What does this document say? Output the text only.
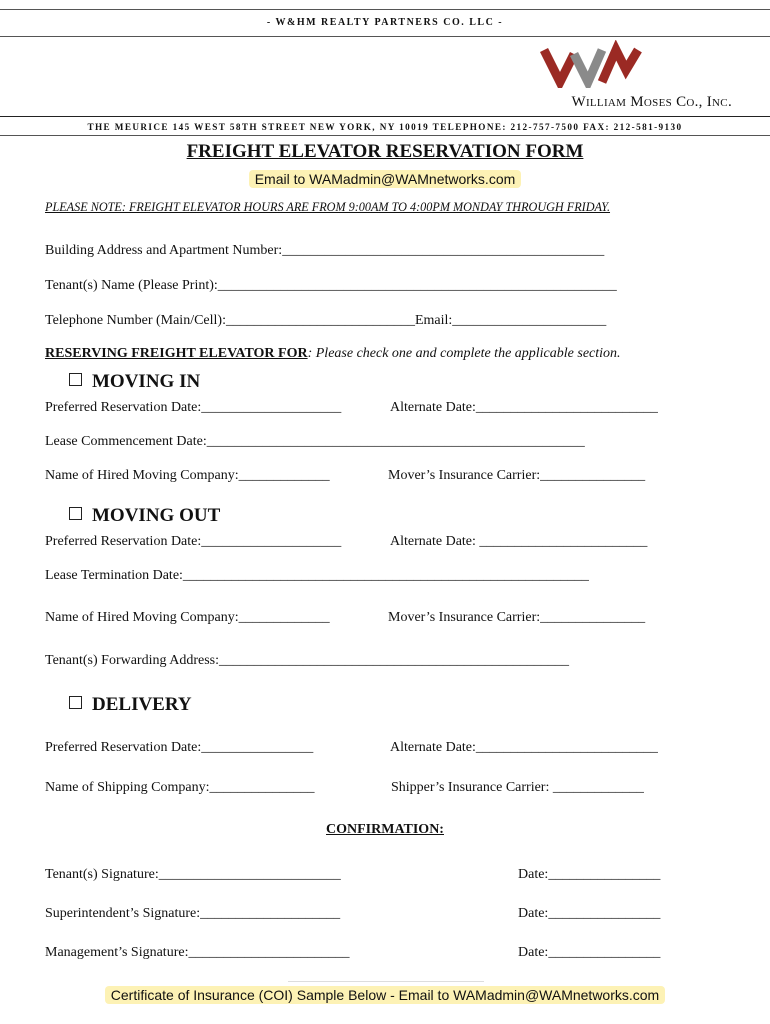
- W&HM REALTY PARTNERS CO. LLC -
William Moses Co., Inc.
THE MEURICE 145 WEST 58TH STREET NEW YORK, NY 10019 TELEPHONE: 212-757-7500 FAX: 212-581-9130
FREIGHT ELEVATOR RESERVATION FORM
Email to WAMadmin@WAMnetworks.com
PLEASE NOTE: FREIGHT ELEVATOR HOURS ARE FROM 9:00AM TO 4:00PM MONDAY THROUGH FRIDAY.
Building Address and Apartment Number:______________________________________________
Tenant(s) Name (Please Print):_________________________________________________________
Telephone Number (Main/Cell):___________________________Email:______________________
RESERVING FREIGHT ELEVATOR FOR: Please check one and complete the applicable section.
MOVING IN
Preferred Reservation Date:____________________	Alternate Date:__________________________
Lease Commencement Date:______________________________________________________
Name of Hired Moving Company:_____________	Mover’s Insurance Carrier:_______________
MOVING OUT
Preferred Reservation Date:____________________	Alternate Date: ________________________
Lease Termination Date:__________________________________________________________
Name of Hired Moving Company:_____________	Mover’s Insurance Carrier:_______________
Tenant(s) Forwarding Address:__________________________________________________
DELIVERY
Preferred Reservation Date:________________	Alternate Date:__________________________
Name of Shipping Company:_______________	Shipper’s Insurance Carrier: _____________
CONFIRMATION:
Tenant(s) Signature:__________________________	Date:________________
Superintendent’s Signature:____________________	Date:________________
Management’s Signature:_______________________	Date:________________
Certificate of Insurance (COI) Sample Below - Email to WAMadmin@WAMnetworks.com
